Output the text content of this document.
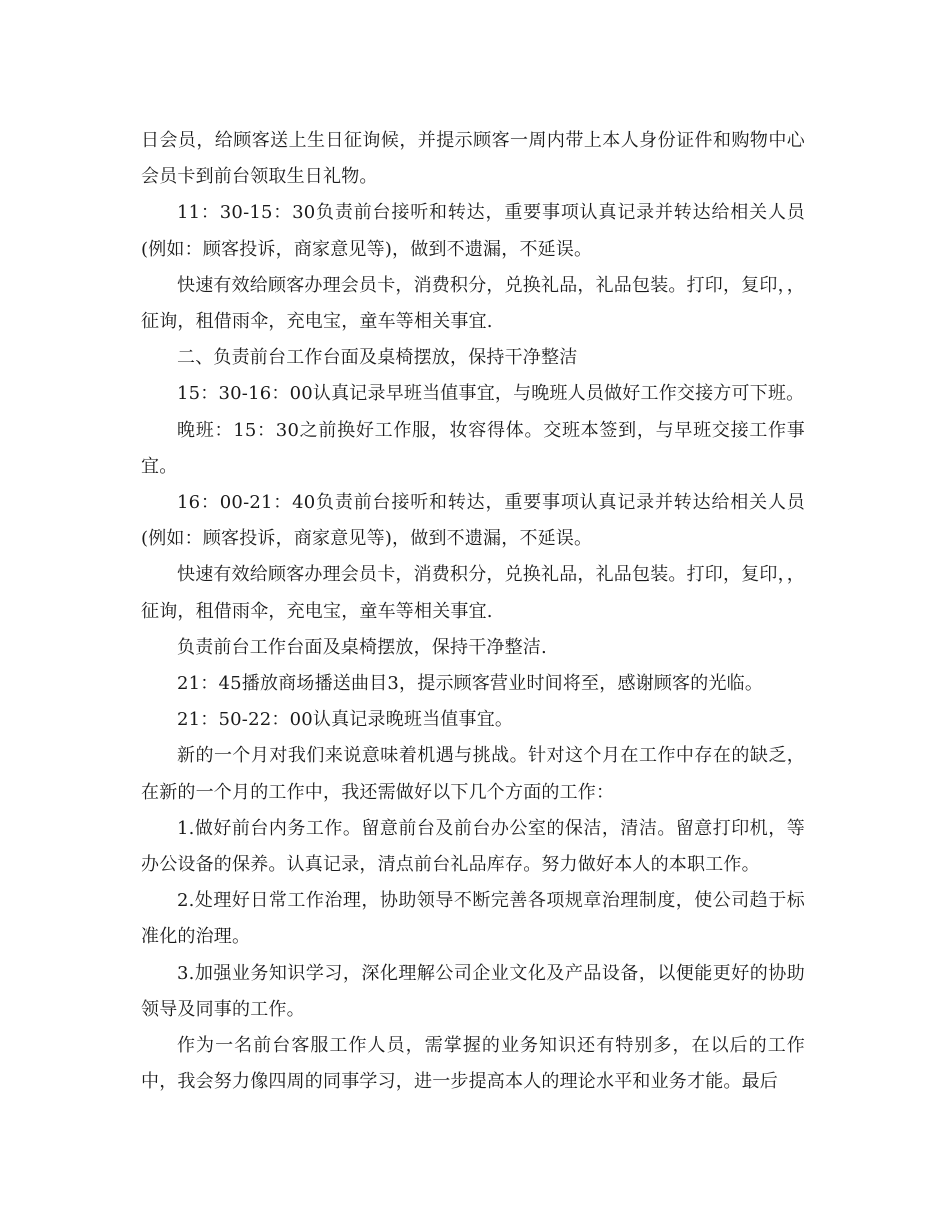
日会员，给顾客送上生日征询候，并提示顾客一周内带上本人身份证件和购物中心会员卡到前台领取生日礼物。

11：30-15：30负责前台接听和转达，重要事项认真记录并转达给相关人员(例如：顾客投诉，商家意见等)，做到不遗漏，不延误。

快速有效给顾客办理会员卡，消费积分，兑换礼品，礼品包装。打印，复印，，征询，租借雨伞，充电宝，童车等相关事宜.

二、负责前台工作台面及桌椅摆放，保持干净整洁

15：30-16：00认真记录早班当值事宜，与晚班人员做好工作交接方可下班。

晚班：15：30之前换好工作服，妆容得体。交班本签到，与早班交接工作事宜。

16：00-21：40负责前台接听和转达，重要事项认真记录并转达给相关人员(例如：顾客投诉，商家意见等)，做到不遗漏，不延误。

快速有效给顾客办理会员卡，消费积分，兑换礼品，礼品包装。打印，复印，，征询，租借雨伞，充电宝，童车等相关事宜.

负责前台工作台面及桌椅摆放，保持干净整洁.

21：45播放商场播送曲目3，提示顾客营业时间将至，感谢顾客的光临。

21：50-22：00认真记录晚班当值事宜。

新的一个月对我们来说意味着机遇与挑战。针对这个月在工作中存在的缺乏，在新的一个月的工作中，我还需做好以下几个方面的工作：

1.做好前台内务工作。留意前台及前台办公室的保洁，清洁。留意打印机，等办公设备的保养。认真记录，清点前台礼品库存。努力做好本人的本职工作。

2.处理好日常工作治理，协助领导不断完善各项规章治理制度，使公司趋于标准化的治理。

3.加强业务知识学习，深化理解公司企业文化及产品设备，以便能更好的协助领导及同事的工作。

作为一名前台客服工作人员，需掌握的业务知识还有特别多，在以后的工作中，我会努力像四周的同事学习，进一步提高本人的理论水平和业务才能。最后
